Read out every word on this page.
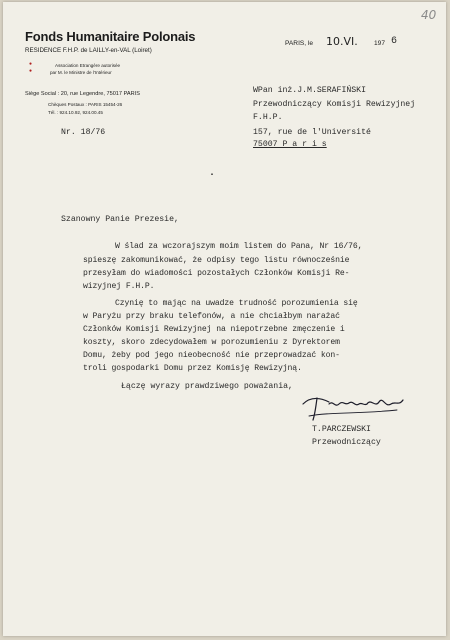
Fonds Humanitaire Polonais
RESIDENCE F.H.P. de LAILLY-en-VAL (Loiret)
●	Association Etrangère autorisée
●	par M. le Ministre de l'Intérieur
Siège Social : 20, rue Legendre, 75017 PARIS
Chèques Postaux : PARIS 15454-26
Tél. : 924.10.92, 924.00.45
40
PARIS, le 10.VI. 197 6
WPan inż.J.M.SERAFIŃSKI
Przewodniczący Komisji Rewizyjnej
F.H.P.
157, rue de l'Université
75007 P a r i s
Nr. 18/76
·
Szanowny Panie Prezesie,
W ślad za wczorajszym moim listem do Pana, Nr 16/76,
spieszę zakomunikować, że odpisy tego listu równocześnie
przesyłam do wiadomości pozostałych Członków Komisji Re-
wizyjnej F.H.P.
Czynię to mając na uwadze trudność porozumienia się
w Paryżu przy braku telefonów, a nie chciałbym narażać
Członków Komisji Rewizyjnej na niepotrzebne zmęczenie i
koszty, skoro zdecydowałem w porozumieniu z Dyrektorem
Domu, żeby pod jego nieobecność nie przeprowadzać kon-
troli gospodarki Domu przez Komisję Rewizyjną.
Łączę wyrazy prawdziwego poważania,
T.PARCZEWSKI
Przewodniczący
